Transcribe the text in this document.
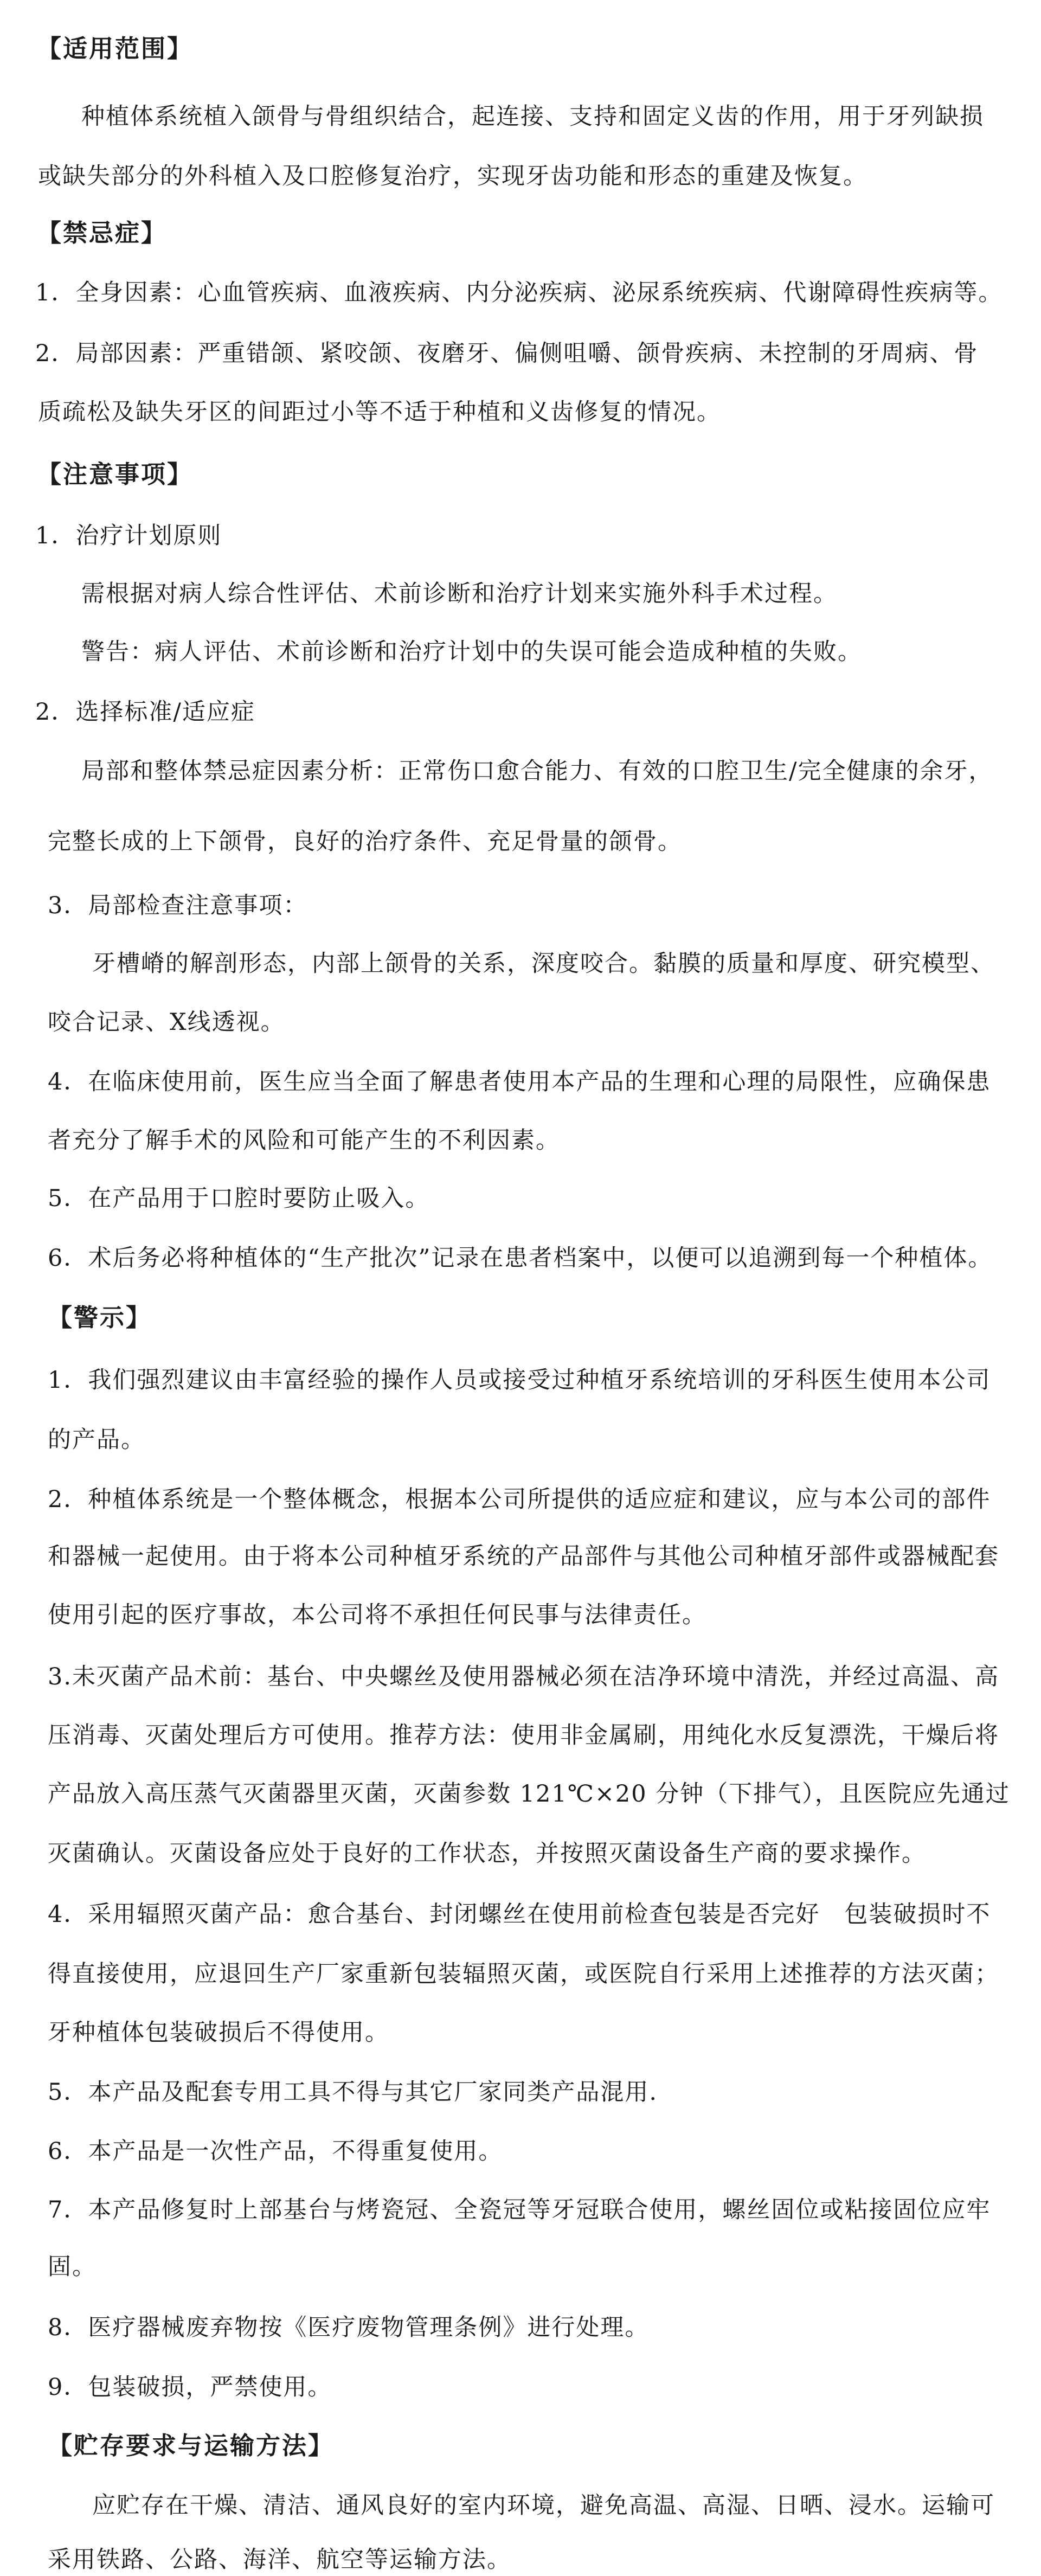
【适用范围】
种植体系统植入颌骨与骨组织结合，起连接、支持和固定义齿的作用，用于牙列缺损
或缺失部分的外科植入及口腔修复治疗，实现牙齿功能和形态的重建及恢复。
【禁忌症】
1．全身因素：心血管疾病、血液疾病、内分泌疾病、泌尿系统疾病、代谢障碍性疾病等。
2．局部因素：严重错颌、紧咬颌、夜磨牙、偏侧咀嚼、颌骨疾病、未控制的牙周病、骨
质疏松及缺失牙区的间距过小等不适于种植和义齿修复的情况。
【注意事项】
1．治疗计划原则
需根据对病人综合性评估、术前诊断和治疗计划来实施外科手术过程。
警告：病人评估、术前诊断和治疗计划中的失误可能会造成种植的失败。
2．选择标准/适应症
局部和整体禁忌症因素分析：正常伤口愈合能力、有效的口腔卫生/完全健康的余牙，
完整长成的上下颌骨，良好的治疗条件、充足骨量的颌骨。
3．局部检查注意事项：
牙槽嵴的解剖形态，内部上颌骨的关系，深度咬合。黏膜的质量和厚度、研究模型、
咬合记录、X线透视。
4．在临床使用前，医生应当全面了解患者使用本产品的生理和心理的局限性，应确保患
者充分了解手术的风险和可能产生的不利因素。
5．在产品用于口腔时要防止吸入。
6．术后务必将种植体的“生产批次”记录在患者档案中，以便可以追溯到每一个种植体。
【警示】
1．我们强烈建议由丰富经验的操作人员或接受过种植牙系统培训的牙科医生使用本公司
的产品。
2．种植体系统是一个整体概念，根据本公司所提供的适应症和建议，应与本公司的部件
和器械一起使用。由于将本公司种植牙系统的产品部件与其他公司种植牙部件或器械配套
使用引起的医疗事故，本公司将不承担任何民事与法律责任。
3.未灭菌产品术前：基台、中央螺丝及使用器械必须在洁净环境中清洗，并经过高温、高
压消毒、灭菌处理后方可使用。推荐方法：使用非金属刷，用纯化水反复漂洗，干燥后将
产品放入高压蒸气灭菌器里灭菌，灭菌参数 121℃×20 分钟（下排气），且医院应先通过
灭菌确认。灭菌设备应处于良好的工作状态，并按照灭菌设备生产商的要求操作。
4．采用辐照灭菌产品：愈合基台、封闭螺丝在使用前检查包装是否完好　包装破损时不
得直接使用，应退回生产厂家重新包装辐照灭菌，或医院自行采用上述推荐的方法灭菌；
牙种植体包装破损后不得使用。
5．本产品及配套专用工具不得与其它厂家同类产品混用.
6．本产品是一次性产品，不得重复使用。
7．本产品修复时上部基台与烤瓷冠、全瓷冠等牙冠联合使用，螺丝固位或粘接固位应牢
固。
8．医疗器械废弃物按《医疗废物管理条例》进行处理。
9．包装破损，严禁使用。
【贮存要求与运输方法】
应贮存在干燥、清洁、通风良好的室内环境，避免高温、高湿、日晒、浸水。运输可
采用铁路、公路、海洋、航空等运输方法。
